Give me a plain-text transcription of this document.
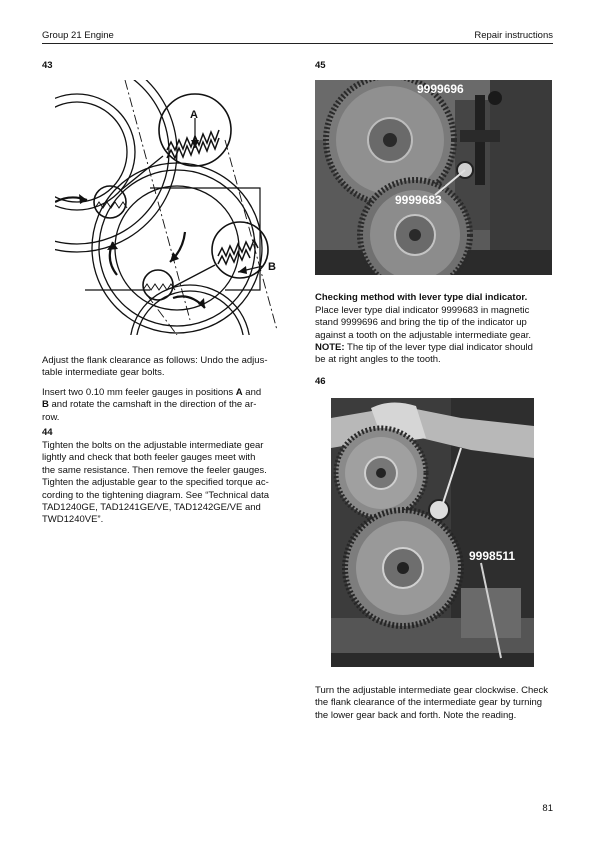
Group 21 Engine	Repair instructions
43
A
B

Adjust the flank clearance as follows: Undo the adjus-
table intermediate gear bolts.

Insert two 0.10 mm feeler gauges in positions A and
B and rotate the camshaft in the direction of the ar-
row.

44

Tighten the bolts on the adjustable intermediate gear
lightly and check that both feeler gauges meet with
the same resistance. Then remove the feeler gauges.
Tighten the adjustable gear to the specified torque ac-
cording to the tightening diagram. See “Technical data
TAD1240GE, TAD1241GE/VE, TAD1242GE/VE and
TWD1240VE”.

45
9999696
9999683
Checking method with lever type dial indicator.

Place lever type dial indicator 9999683 in magnetic
stand 9999696 and bring the tip of the indicator up
against a tooth on the adjustable intermediate gear.

NOTE: The tip of the lever type dial indicator should
be at right angles to the tooth.

46
9998511

Turn the adjustable intermediate gear clockwise. Check
the flank clearance of the intermediate gear by turning
the lower gear back and forth. Note the reading.

81
